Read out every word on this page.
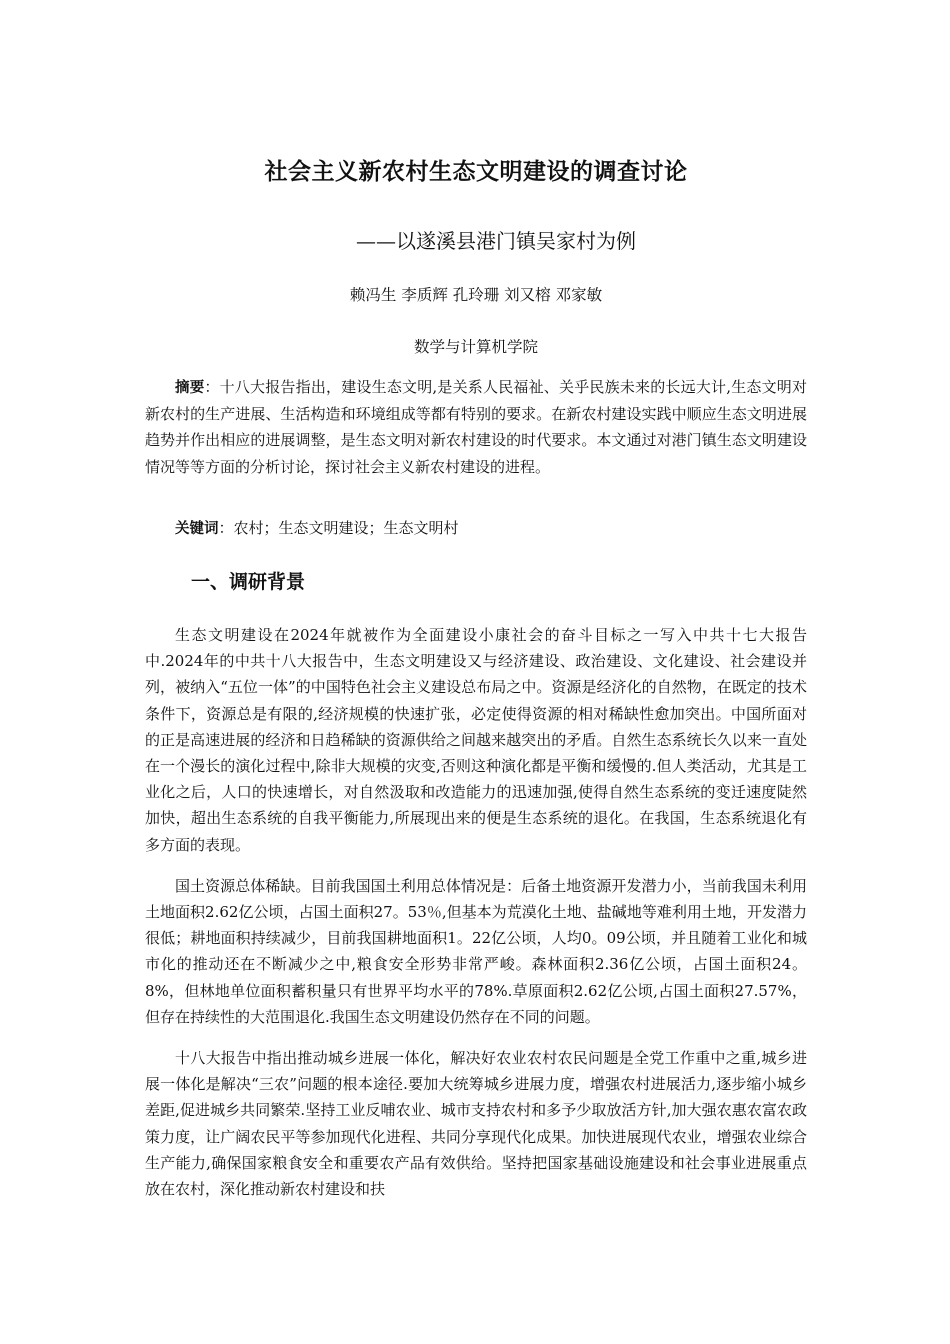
社会主义新农村生态文明建设的调查讨论
——以遂溪县港门镇吴家村为例
赖冯生 李质辉 孔玲珊 刘又榕 邓家敏
数学与计算机学院

摘要：十八大报告指出，建设生态文明,是关系人民福祉、关乎民族未来的长远大计,生态文明对新农村的生产进展、生活构造和环境组成等都有特别的要求。在新农村建设实践中顺应生态文明进展趋势并作出相应的进展调整，是生态文明对新农村建设的时代要求。本文通过对港门镇生态文明建设情况等等方面的分析讨论，探讨社会主义新农村建设的进程。

关键词：农村；生态文明建设；生态文明村

一、调研背景

生态文明建设在2024年就被作为全面建设小康社会的奋斗目标之一写入中共十七大报告中.2024年的中共十八大报告中，生态文明建设又与经济建设、政治建设、文化建设、社会建设并列，被纳入“五位一体”的中国特色社会主义建设总布局之中。资源是经济化的自然物，在既定的技术条件下，资源总是有限的,经济规模的快速扩张，必定使得资源的相对稀缺性愈加突出。中国所面对的正是高速进展的经济和日趋稀缺的资源供给之间越来越突出的矛盾。自然生态系统长久以来一直处在一个漫长的演化过程中,除非大规模的灾变,否则这种演化都是平衡和缓慢的.但人类活动，尤其是工业化之后，人口的快速增长，对自然汲取和改造能力的迅速加强,使得自然生态系统的变迁速度陡然加快，超出生态系统的自我平衡能力,所展现出来的便是生态系统的退化。在我国，生态系统退化有多方面的表现。

国土资源总体稀缺。目前我国国土利用总体情况是：后备土地资源开发潜力小，当前我国未利用土地面积2.62亿公顷，占国土面积27。53％,但基本为荒漠化土地、盐碱地等难利用土地，开发潜力很低；耕地面积持续减少，目前我国耕地面积1。22亿公顷，人均0。09公顷，并且随着工业化和城市化的推动还在不断减少之中,粮食安全形势非常严峻。森林面积2.36亿公顷，占国土面积24。8%，但林地单位面积蓄积量只有世界平均水平的78%.草原面积2.62亿公顷,占国土面积27.57%，但存在持续性的大范围退化.我国生态文明建设仍然存在不同的问题。

十八大报告中指出推动城乡进展一体化，解决好农业农村农民问题是全党工作重中之重,城乡进展一体化是解决“三农”问题的根本途径.要加大统筹城乡进展力度，增强农村进展活力,逐步缩小城乡差距,促进城乡共同繁荣.坚持工业反哺农业、城市支持农村和多予少取放活方针,加大强农惠农富农政策力度，让广阔农民平等参加现代化进程、共同分享现代化成果。加快进展现代农业，增强农业综合生产能力,确保国家粮食安全和重要农产品有效供给。坚持把国家基础设施建设和社会事业进展重点放在农村，深化推动新农村建设和扶
